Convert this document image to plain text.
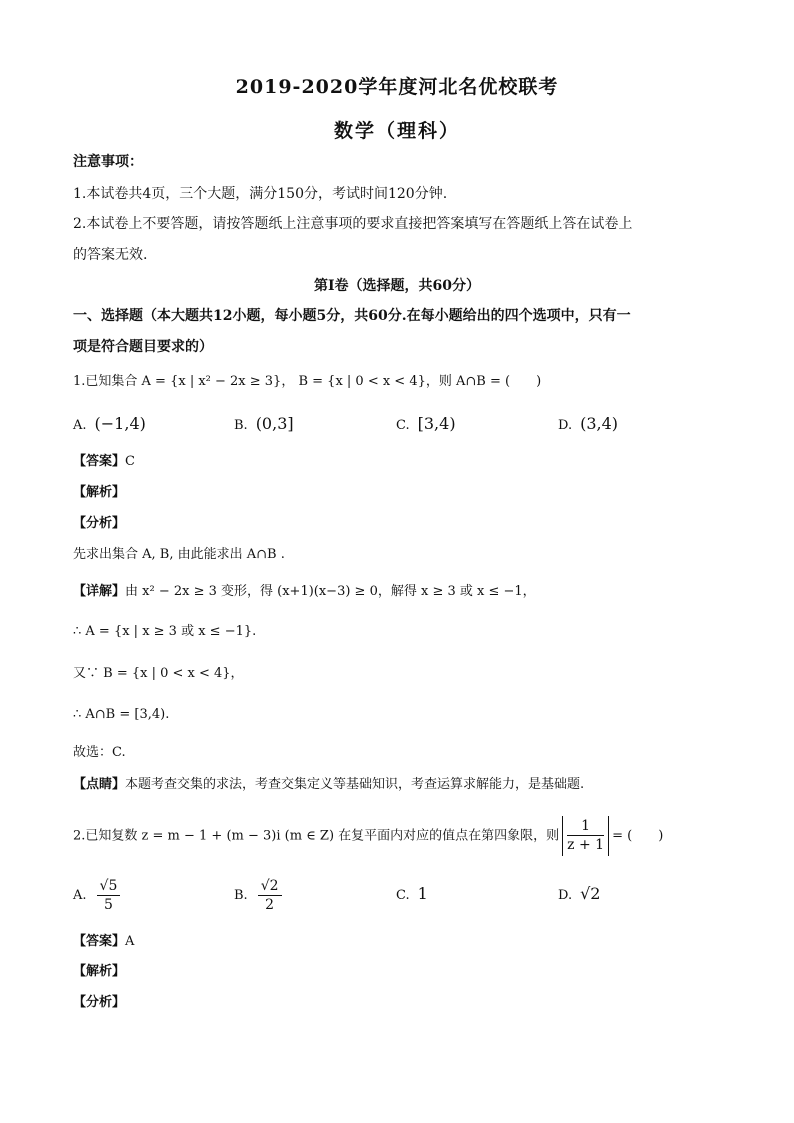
2019-2020学年度河北名优校联考
数学（理科）
注意事项：
1.本试卷共4页，三个大题，满分150分，考试时间120分钟.
2.本试卷上不要答题，请按答题纸上注意事项的要求直接把答案填写在答题纸上答在试卷上
的答案无效.
第Ⅰ卷（选择题，共60分）
一、选择题（本大题共12小题，每小题5分，共60分.在每小题给出的四个选项中，只有一
项是符合题目要求的）
1.已知集合 A = {x | x² − 2x ≥ 3}， B = {x | 0 < x < 4}，则 A∩B = (　　)
A. (−1,4)	B. (0,3]	C. [3,4)	D. (3,4)
【答案】C
【解析】
【分析】
先求出集合 A, B, 由此能求出 A∩B .
【详解】由 x² − 2x ≥ 3 变形，得 (x+1)(x−3) ≥ 0，解得 x ≥ 3 或 x ≤ −1，
∴ A = {x | x ≥ 3 或 x ≤ −1}.
又∵ B = {x | 0 < x < 4}，
∴ A∩B = [3,4).
故选：C.
【点睛】本题考查交集的求法，考查交集定义等基础知识，考查运算求解能力，是基础题.
2.已知复数 z = m − 1 + (m − 3)i (m ∈ Z) 在复平面内对应的值点在第四象限，则 $\frac{1}{z + 1}$ = (　　)
A. $\frac{√5}{5}$	B. $\frac{√2}{2}$	C. 1	D. √2
【答案】A
【解析】
【分析】
